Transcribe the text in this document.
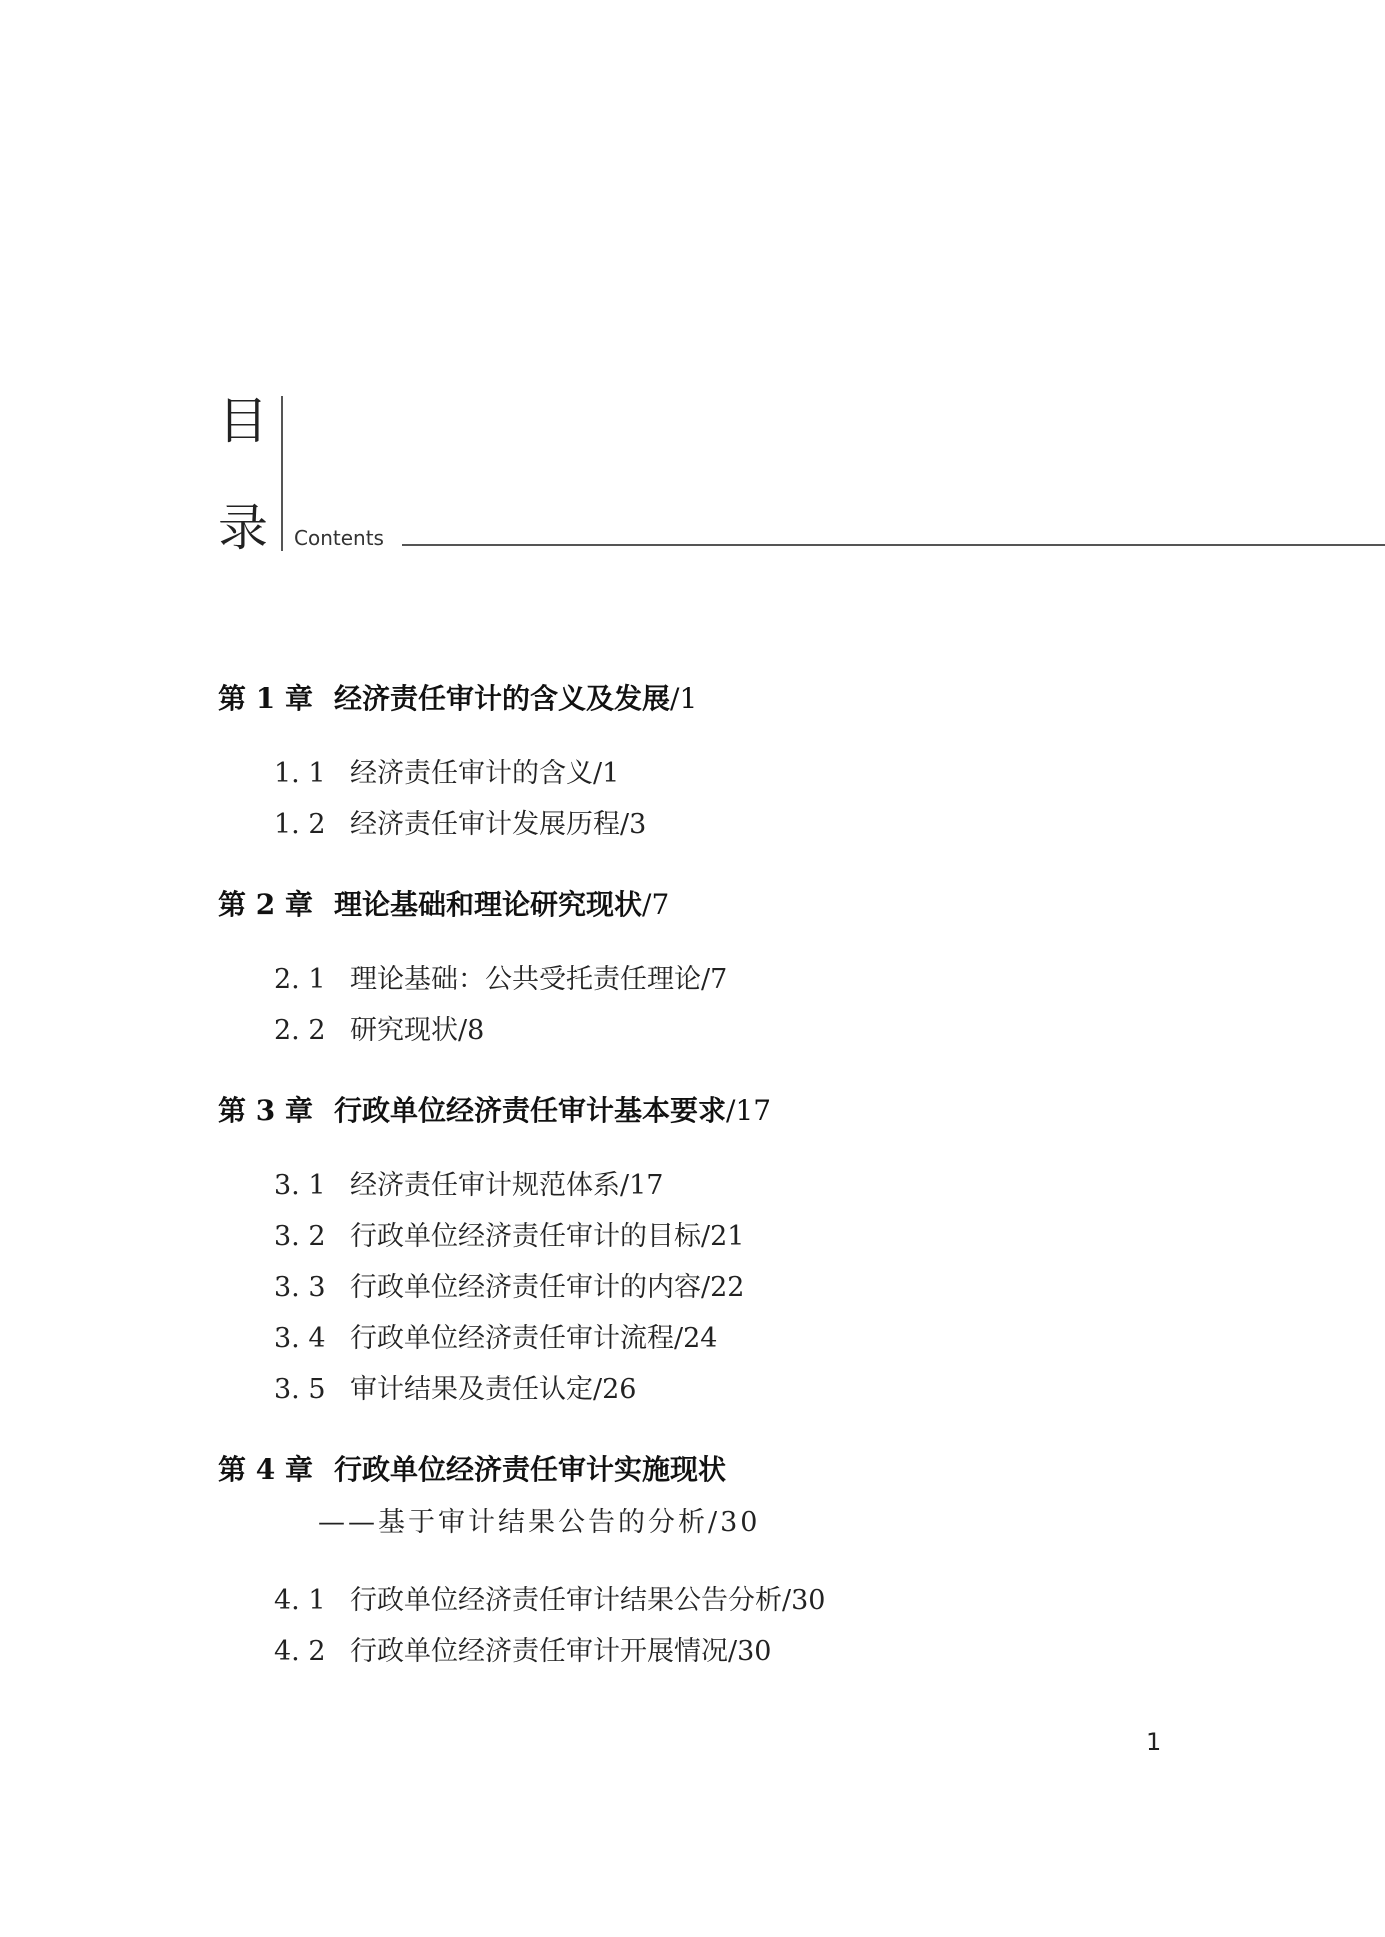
目
录 Contents
第 1 章 经济责任审计的含义及发展/1
1. 1 经济责任审计的含义/1
1. 2 经济责任审计发展历程/3
第 2 章 理论基础和理论研究现状/7
2. 1 理论基础：公共受托责任理论/7
2. 2 研究现状/8
第 3 章 行政单位经济责任审计基本要求/17
3. 1 经济责任审计规范体系/17
3. 2 行政单位经济责任审计的目标/21
3. 3 行政单位经济责任审计的内容/22
3. 4 行政单位经济责任审计流程/24
3. 5 审计结果及责任认定/26
第 4 章 行政单位经济责任审计实施现状
——基于审计结果公告的分析/30
4. 1 行政单位经济责任审计结果公告分析/30
4. 2 行政单位经济责任审计开展情况/30
1
